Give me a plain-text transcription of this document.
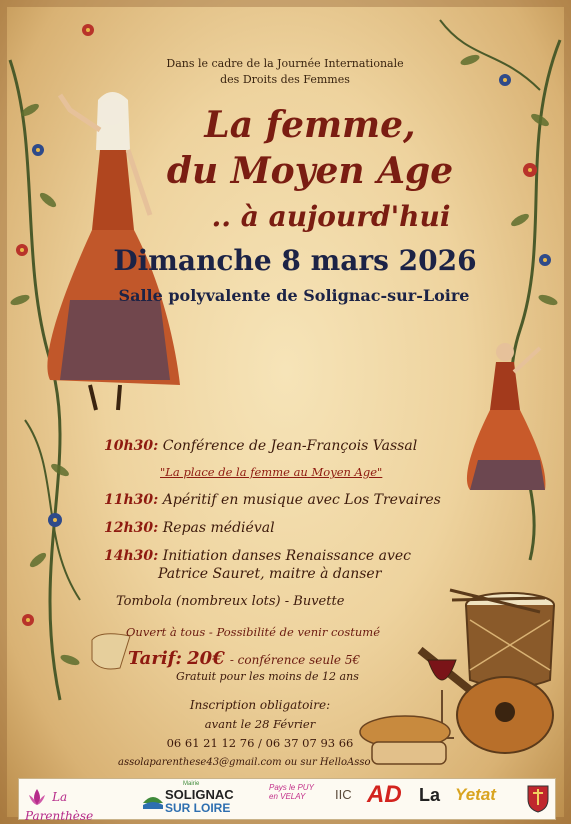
Dans le cadre de la Journée Internationale
des Droits des Femmes
La femme,
du Moyen Age
.. à aujourd'hui
Dimanche 8 mars 2026
Salle polyvalente de Solignac-sur-Loire
10h30: Conférence de Jean-François Vassal
"La place de la femme au Moyen Age"
11h30: Apéritif en musique avec Los Trevaires
12h30: Repas médiéval
14h30: Initiation danses Renaissance avec
Patrice Sauret, maitre à danser
Tombola (nombreux lots) - Buvette
Ouvert à tous - Possibilité de venir costumé
Tarif: 20€ - conférence seule 5€
Gratuit pour les moins de 12 ans
Inscription obligatoire:
avant le 28 Février
06 61 21 12 76 / 06 37 07 93 66
assolaparenthese43@gmail.com ou sur HelloAsso
La Parenthèse
Mairie
SOLIGNAC
SUR LOIRE
Pays le PUY
en VELAY	IIC AD La Yetat
